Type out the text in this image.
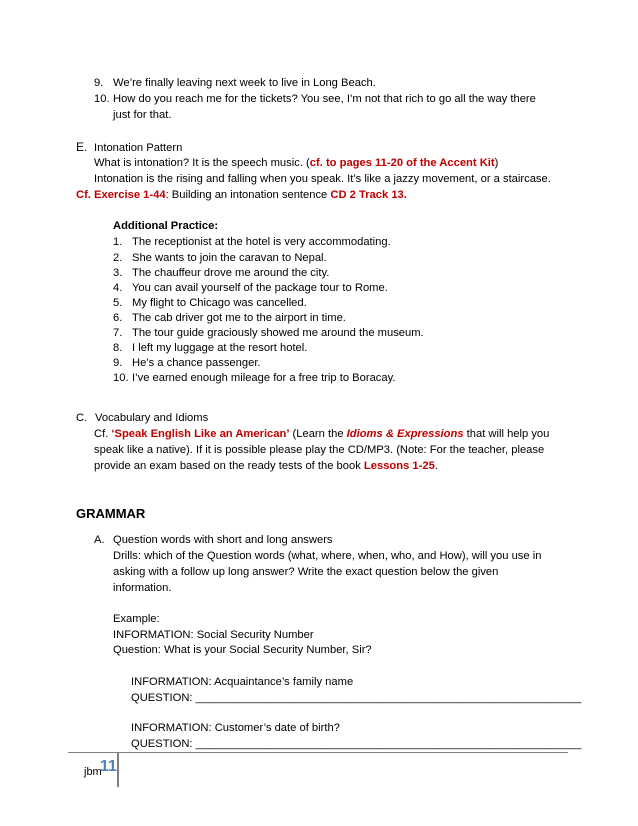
9. We’re finally leaving next week to live in Long Beach.
10. How do you reach me for the tickets? You see, I’m not that rich to go all the way there
just for that.
E. Intonation Pattern
What is intonation? It is the speech music. (cf. to pages 11-20 of the Accent Kit)
Intonation is the rising and falling when you speak. It’s like a jazzy movement, or a staircase.
Cf. Exercise 1-44: Building an intonation sentence CD 2 Track 13.
Additional Practice:
1. The receptionist at the hotel is very accommodating.
2. She wants to join the caravan to Nepal.
3. The chauffeur drove me around the city.
4. You can avail yourself of the package tour to Rome.
5. My flight to Chicago was cancelled.
6. The cab driver got me to the airport in time.
7. The tour guide graciously showed me around the museum.
8. I left my luggage at the resort hotel.
9. He’s a chance passenger.
10. I’ve earned enough mileage for a free trip to Boracay.
C. Vocabulary and Idioms
Cf. ‘Speak English Like an American’ (Learn the Idioms & Expressions that will help you
speak like a native). If it is possible please play the CD/MP3. (Note: For the teacher, please
provide an exam based on the ready tests of the book Lessons 1-25.
GRAMMAR
A. Question words with short and long answers
Drills: which of the Question words (what, where, when, who, and How), will you use in
asking with a follow up long answer? Write the exact question below the given
information.
Example:
INFORMATION: Social Security Number
Question: What is your Social Security Number, Sir?
INFORMATION: Acquaintance’s family name
QUESTION: ______________________________________________________________
INFORMATION: Customer’s date of birth?
QUESTION: ______________________________________________________________
jbm
11
